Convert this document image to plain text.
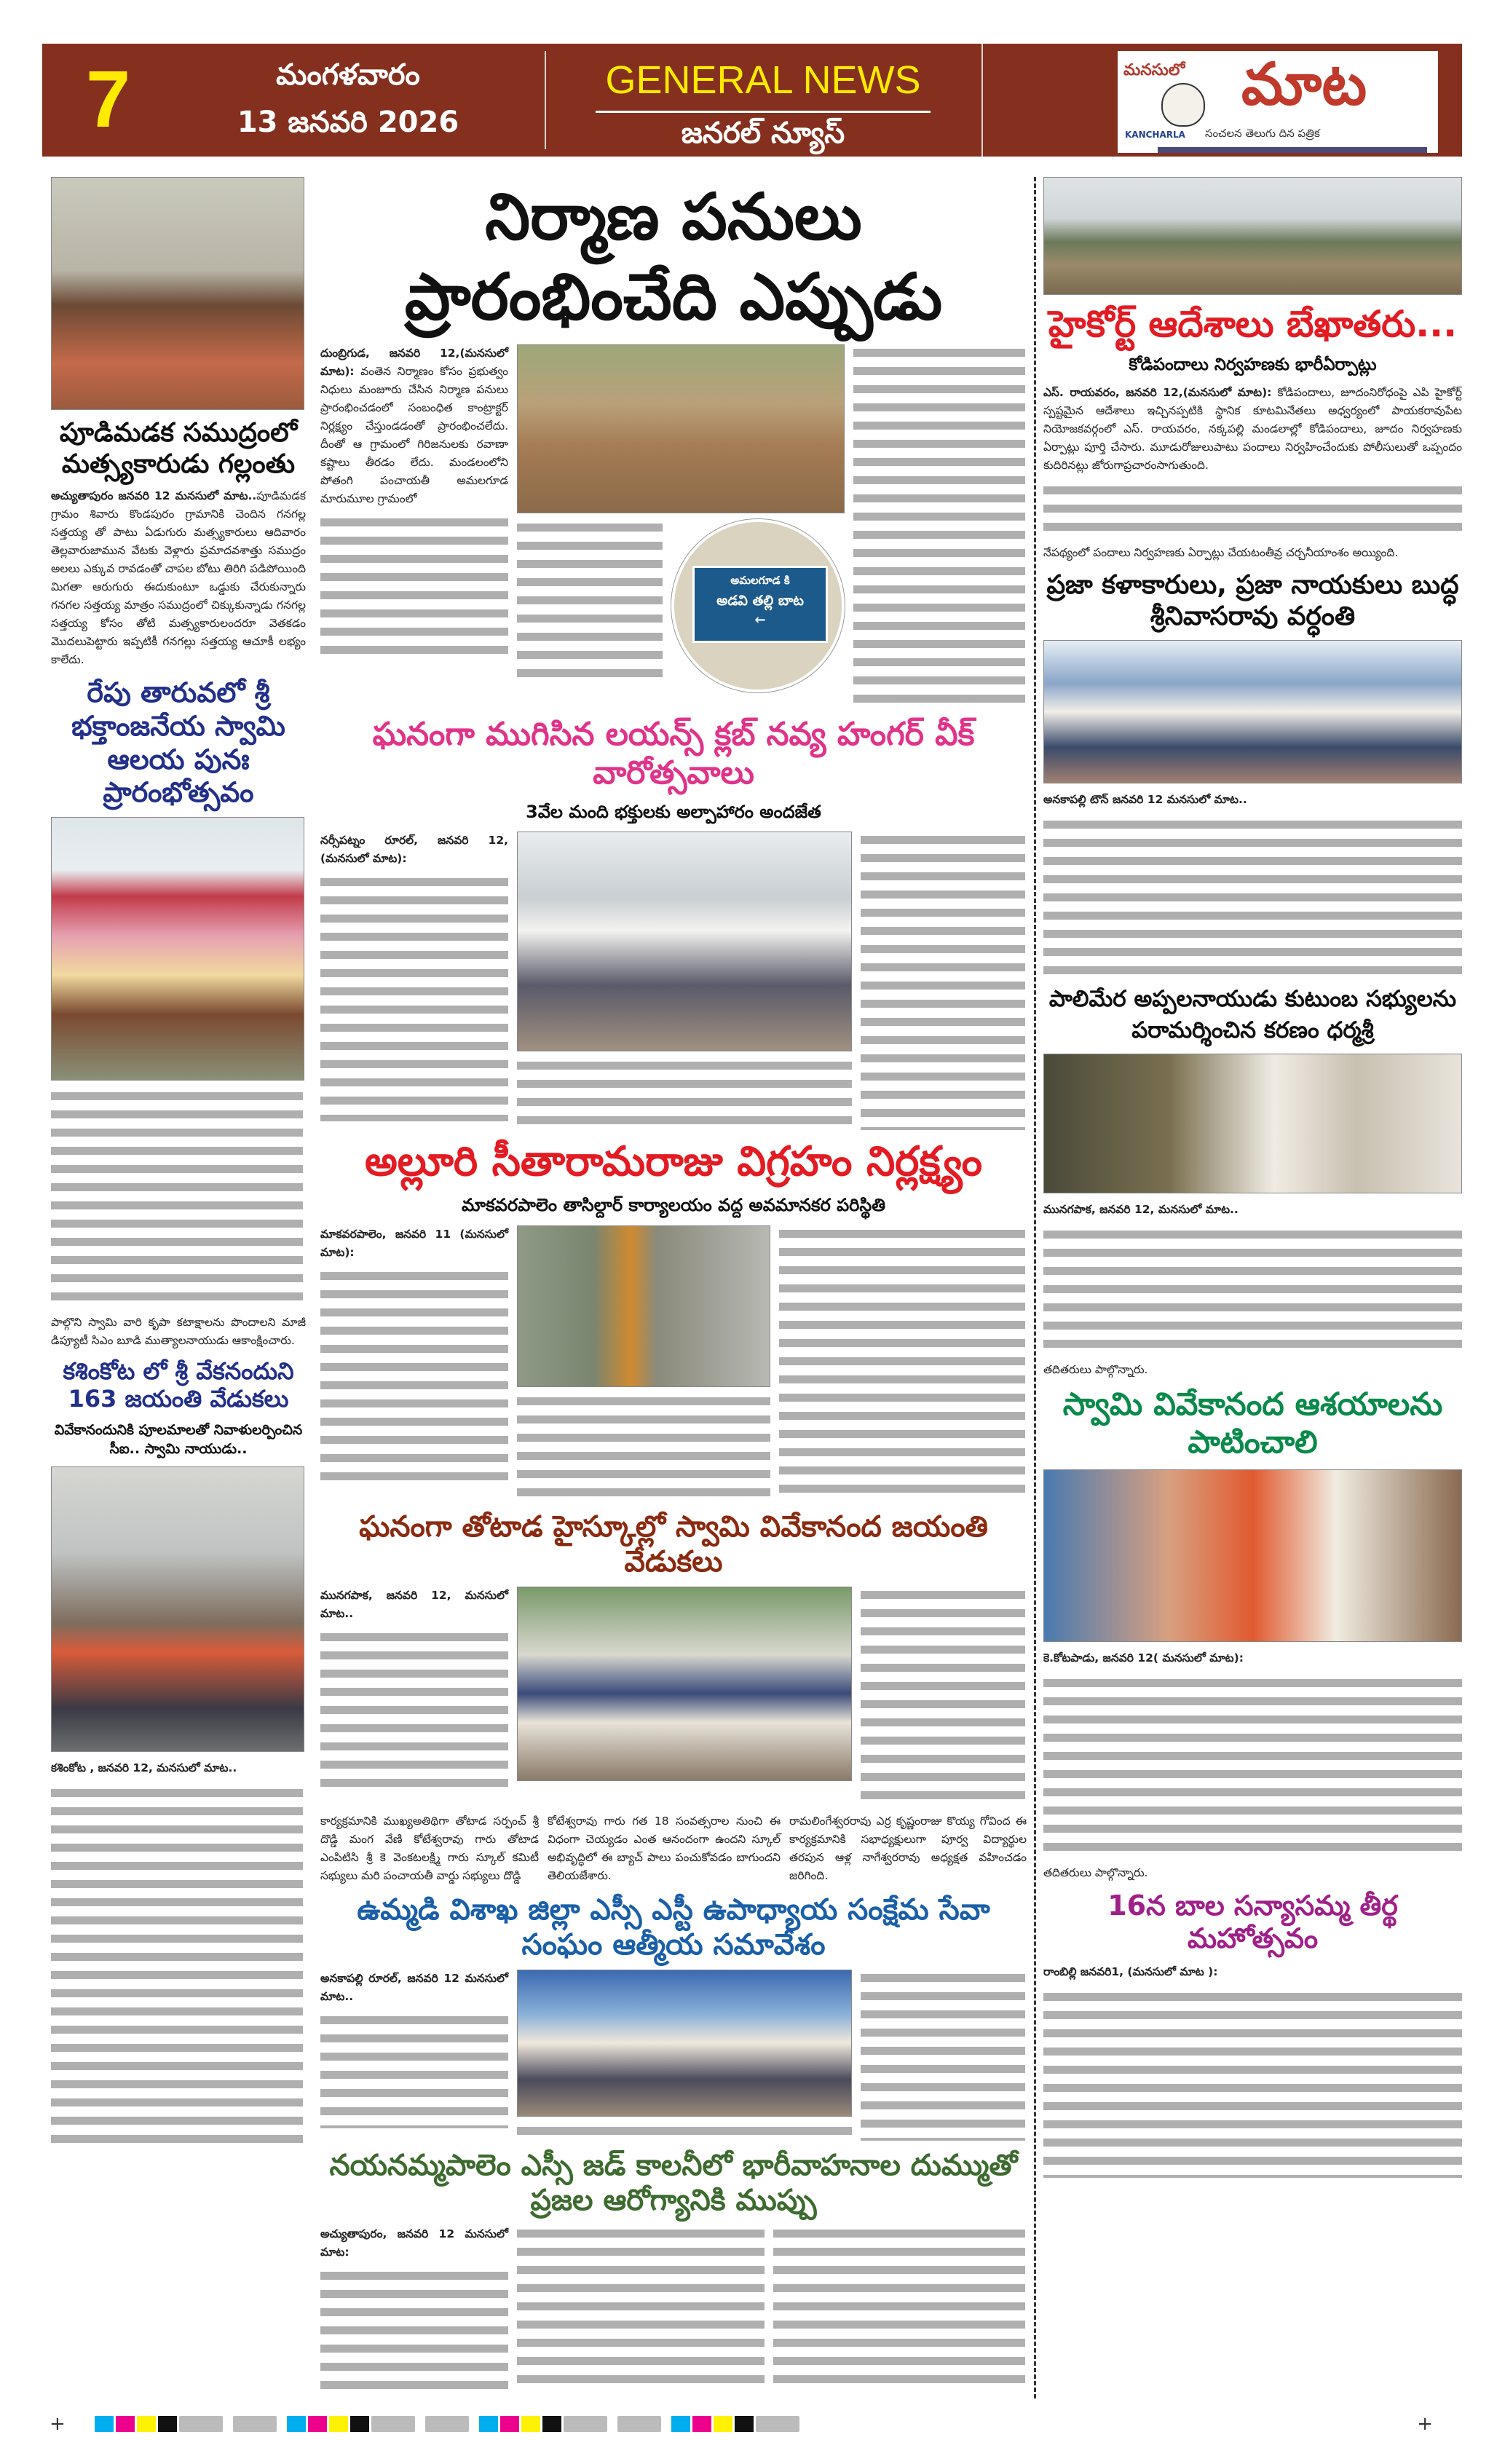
7	మంగళవారం
13 జనవరి 2026
GENERAL NEWS
జనరల్ న్యూస్
మనసులో మాట
KANCHARLA సంచలన తెలుగు దిన పత్రిక
పూడిమడక సముద్రంలో మత్స్యకారుడు గల్లంతు
అచ్యుతాపురం జనవరి 12 మనసులో మాట..పూడిమడక గ్రామం శివారు కొండపురం గ్రామానికి చెందిన గనగల్ల సత్తయ్య తో పాటు ఏడుగురు మత్స్యకారులు ఆదివారం తెల్లవారుజామున వేటకు వెళ్లారు ప్రమాదవశాత్తు సముద్రం అలలు ఎక్కువ రావడంతో చాపల బోటు తిరిగి పడిపోయింది మిగతా ఆరుగురు ఈదుకుంటూ ఒడ్డుకు చేరుకున్నారు గనగల సత్తయ్య మాత్రం సముద్రంలో చిక్కుకున్నాడు గనగల్ల సత్తయ్య కోసం తోటి మత్స్యకారులందరూ వెతకడం మొదలుపెట్టారు ఇప్పటికీ గనగల్లు సత్తయ్య ఆచూకీ లభ్యం కాలేదు.
రేపు తారువలో శ్రీ భక్తాంజనేయ స్వామి ఆలయ పునః ప్రారంభోత్సవం
పాల్గొని స్వామి వారి కృపా కటాక్షాలను పొందాలని మాజీ డిప్యూటీ సిఎం బూడి ముత్యాలనాయుడు ఆకాంక్షించారు.
కశింకోట లో శ్రీ వేకనందుని 163 జయంతి వేడుకలు
వివేకానందునికి పూలమాలతో నివాళులర్పించిన సీఐ.. స్వామి నాయుడు..
కశింకోట , జనవరి 12, మనసులో మాట..
నిర్మాణ పనులు ప్రారంభించేది ఎప్పుడు
దుంబ్రిగుడ, జనవరి 12,(మనసులో మాట): వంతెన నిర్మాణం కోసం ప్రభుత్వం నిధులు మంజూరు చేసిన నిర్మాణ పనులు ప్రారంభించడంలో సంబంధిత కాంట్రాక్టర్ నిర్లక్ష్యం చేస్తుండడంతో ప్రారంభించలేదు. దీంతో ఆ గ్రామంలో గిరిజనులకు రవాణా కష్టాలు తీరడం లేదు. మండలంలోని పోతంగి పంచాయతీ అమలగూడ మారుమూల గ్రామంలో
అమలగూడ కి
అడవి తల్లి బాట
←
ఘనంగా ముగిసిన లయన్స్ క్లబ్ నవ్య హంగర్ వీక్ వారోత్సవాలు
3వేల మంది భక్తులకు అల్పాహారం అందజేత
నర్సీపట్నం రూరల్, జనవరి 12, (మనసులో మాట):
అల్లూరి సీతారామరాజు విగ్రహం నిర్లక్ష్యం
మాకవరపాలెం తాసిల్దార్ కార్యాలయం వద్ద అవమానకర పరిస్థితి
మాకవరపాలెం, జనవరి 11 (మనసులో మాట):
ఘనంగా తోటాడ హైస్కూల్లో స్వామి వివేకానంద జయంతి వేడుకలు
మునగపాక, జనవరి 12, మనసులో మాట..
కార్యక్రమానికి ముఖ్యఅతిథిగా తోటాడ సర్పంచ్ శ్రీ దొడ్డి మంగ వేణి కోటేశ్వరావు గారు తోటాడ ఎంపిటిసి శ్రీ కె వెంకటలక్ష్మి గారు స్కూల్ కమిటీ సభ్యులు మరి పంచాయతీ వార్డు సభ్యులు దొడ్డి
కోటేశ్వరావు గారు గత 18 సంవత్సరాల నుంచి ఈ విధంగా చెయ్యడం ఎంత ఆనందంగా ఉందని స్కూల్ అభివృద్ధిలో ఈ బ్యాచ్ పాలు పంచుకోవడం బాగుందని తెలియజేశారు.
రామలింగేశ్వరరావు ఎర్ర కృష్ణంరాజు కొయ్య గోవింద ఈ కార్యక్రమానికి సభాధ్యక్షులుగా పూర్వ విద్యార్థుల తరపున ఆళ్ల నాగేశ్వరరావు అధ్యక్షత వహించడం జరిగింది.
ఉమ్మడి విశాఖ జిల్లా ఎస్సీ ఎస్టీ ఉపాధ్యాయ సంక్షేమ సేవా సంఘం ఆత్మీయ సమావేశం
అనకాపల్లి రూరల్, జనవరి 12 మనసులో మాట..
నయనమ్మపాలెం ఎస్సీ జడ్ కాలనీలో భారీవాహనాల దుమ్ముతో ప్రజల ఆరోగ్యానికి ముప్పు
అచ్యుతాపురం, జనవరి 12 మనసులో మాట:
హైకోర్ట్ ఆదేశాలు బేఖాతరు...
కోడిపందాలు నిర్వహణకు భారీఏర్పాట్లు
ఎస్. రాయవరం, జనవరి 12,(మనసులో మాట): కోడిపందాలు, జూదంనిరోధంపై ఎపి హైకోర్ట్ స్పష్టమైన ఆదేశాలు ఇచ్చినప్పటికి స్థానిక కూటమినేతలు అధ్వర్యంలో పాయకరావుపేట నియోజకవర్గంలో ఎస్. రాయవరం, నక్కపల్లి మండలాల్లో కోడిపందాలు, జూదం నిర్వహణకు ఏర్పాట్లు పూర్తి చేసారు. మూడురోజులుపాటు పందాలు నిర్వహించేందుకు పోలీసులుతో ఒప్పందం కుదిరినట్లు జోరుగాప్రచారంసాగుతుంది.
నేపథ్యంలో పందాలు నిర్వహణకు ఏర్పాట్లు చేయటంతీవ్ర చర్చనీయాంశం అయ్యింది.
ప్రజా కళాకారులు, ప్రజా నాయకులు బుద్ధ శ్రీనివాసరావు వర్ధంతి
అనకాపల్లి టౌన్ జనవరి 12 మనసులో మాట..
పాలిమేర అప్పలనాయుడు కుటుంబ సభ్యులను పరామర్శించిన కరణం ధర్మశ్రీ
మునగపాక, జనవరి 12, మనసులో మాట..
తదితరులు పాల్గొన్నారు.
స్వామి వివేకానంద ఆశయాలను పాటించాలి
కె.కోటపాడు, జనవరి 12( మనసులో మాట):
తదితరులు పాల్గొన్నారు.
16న బాల సన్యాసమ్మ తీర్థ మహోత్సవం
రాంబిల్లి జనవరి1, (మనసులో మాట ):
+	+
